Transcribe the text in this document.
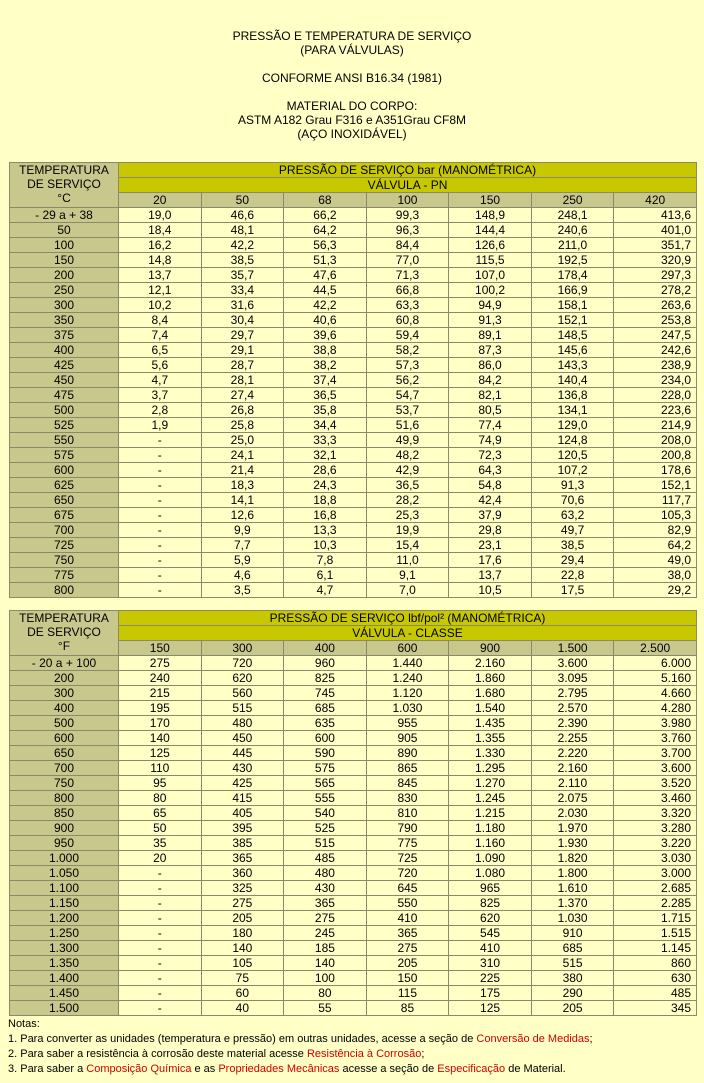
PRESSÃO E TEMPERATURA DE SERVIÇO
(PARA VÁLVULAS)
CONFORME ANSI B16.34 (1981)
MATERIAL DO CORPO:
ASTM A182 Grau F316 e A351Grau CF8M
(AÇO INOXIDÁVEL)
TEMPERATURA
DE SERVIÇO
°C	PRESSÃO DE SERVIÇO bar (MANOMÉTRICA)						
	VÁLVULA - PN						
	20	50	68	100	150	250	420
- 29 a + 38	19,0	46,6	66,2	99,3	148,9	248,1	413,6
50	18,4	48,1	64,2	96,3	144,4	240,6	401,0
100	16,2	42,2	56,3	84,4	126,6	211,0	351,7
150	14,8	38,5	51,3	77,0	115,5	192,5	320,9
200	13,7	35,7	47,6	71,3	107,0	178,4	297,3
250	12,1	33,4	44,5	66,8	100,2	166,9	278,2
300	10,2	31,6	42,2	63,3	94,9	158,1	263,6
350	8,4	30,4	40,6	60,8	91,3	152,1	253,8
375	7,4	29,7	39,6	59,4	89,1	148,5	247,5
400	6,5	29,1	38,8	58,2	87,3	145,6	242,6
425	5,6	28,7	38,2	57,3	86,0	143,3	238,9
450	4,7	28,1	37,4	56,2	84,2	140,4	234,0
475	3,7	27,4	36,5	54,7	82,1	136,8	228,0
500	2,8	26,8	35,8	53,7	80,5	134,1	223,6
525	1,9	25,8	34,4	51,6	77,4	129,0	214,9
550	-	25,0	33,3	49,9	74,9	124,8	208,0
575	-	24,1	32,1	48,2	72,3	120,5	200,8
600	-	21,4	28,6	42,9	64,3	107,2	178,6
625	-	18,3	24,3	36,5	54,8	91,3	152,1
650	-	14,1	18,8	28,2	42,4	70,6	117,7
675	-	12,6	16,8	25,3	37,9	63,2	105,3
700	-	9,9	13,3	19,9	29,8	49,7	82,9
725	-	7,7	10,3	15,4	23,1	38,5	64,2
750	-	5,9	7,8	11,0	17,6	29,4	49,0
775	-	4,6	6,1	9,1	13,7	22,8	38,0
800	-	3,5	4,7	7,0	10,5	17,5	29,2
TEMPERATURA
DE SERVIÇO
°F	PRESSÃO DE SERVIÇO lbf/pol² (MANOMÉTRICA)						
	VÁLVULA - CLASSE						
	150	300	400	600	900	1.500	2.500
- 20 a + 100	275	720	960	1.440	2.160	3.600	6.000
200	240	620	825	1.240	1.860	3.095	5.160
300	215	560	745	1.120	1.680	2.795	4.660
400	195	515	685	1.030	1.540	2.570	4.280
500	170	480	635	955	1.435	2.390	3.980
600	140	450	600	905	1.355	2.255	3.760
650	125	445	590	890	1.330	2.220	3.700
700	110	430	575	865	1.295	2.160	3.600
750	95	425	565	845	1.270	2.110	3.520
800	80	415	555	830	1.245	2.075	3.460
850	65	405	540	810	1.215	2.030	3.320
900	50	395	525	790	1.180	1.970	3.280
950	35	385	515	775	1.160	1.930	3.220
1.000	20	365	485	725	1.090	1.820	3.030
1.050	-	360	480	720	1.080	1.800	3.000
1.100	-	325	430	645	965	1.610	2.685
1.150	-	275	365	550	825	1.370	2.285
1.200	-	205	275	410	620	1.030	1.715
1.250	-	180	245	365	545	910	1.515
1.300	-	140	185	275	410	685	1.145
1.350	-	105	140	205	310	515	860
1.400	-	75	100	150	225	380	630
1.450	-	60	80	115	175	290	485
1.500	-	40	55	85	125	205	345
Notas:
1. Para converter as unidades (temperatura e pressão) em outras unidades, acesse a seção de Conversão de Medidas;
2. Para saber a resistência à corrosão deste material acesse Resistência à Corrosão;
3. Para saber a Composição Química e as Propriedades Mecânicas acesse a seção de Especificação de Material.
